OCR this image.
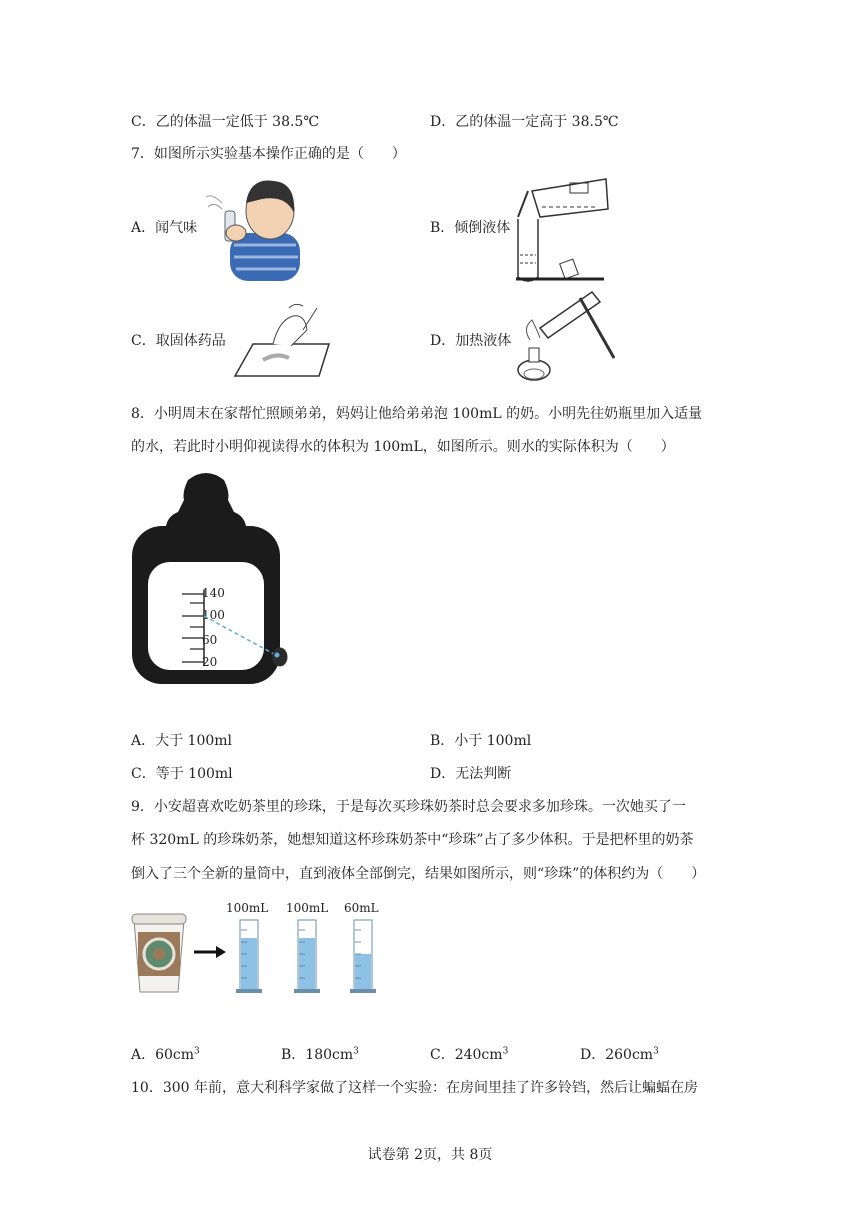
C．乙的体温一定低于 38.5℃	D．乙的体温一定高于 38.5℃
7．如图所示实验基本操作正确的是（　　）
A．闻气味	B．倾倒液体
C．取固体药品	D．加热液体
8．小明周末在家帮忙照顾弟弟，妈妈让他给弟弟泡 100mL 的奶。小明先往奶瓶里加入适量
的水，若此时小明仰视读得水的体积为 100mL，如图所示。则水的实际体积为（　　）
140
100
60
20
A．大于 100ml	B．小于 100ml
C．等于 100ml	D．无法判断
9．小安超喜欢吃奶茶里的珍珠，于是每次买珍珠奶茶时总会要求多加珍珠。一次她买了一
杯 320mL 的珍珠奶茶，她想知道这杯珍珠奶茶中“珍珠”占了多少体积。于是把杯里的奶茶
倒入了三个全新的量筒中，直到液体全部倒完，结果如图所示，则“珍珠”的体积约为（　　）
100mL 100mL 60mL
A．$60cm^3$	B．$180cm^3$	C．$240cm^3$	D．$260cm^3$
10．300 年前，意大利科学家做了这样一个实验：在房间里挂了许多铃铛，然后让蝙蝠在房
试卷第 2页，共 8页
